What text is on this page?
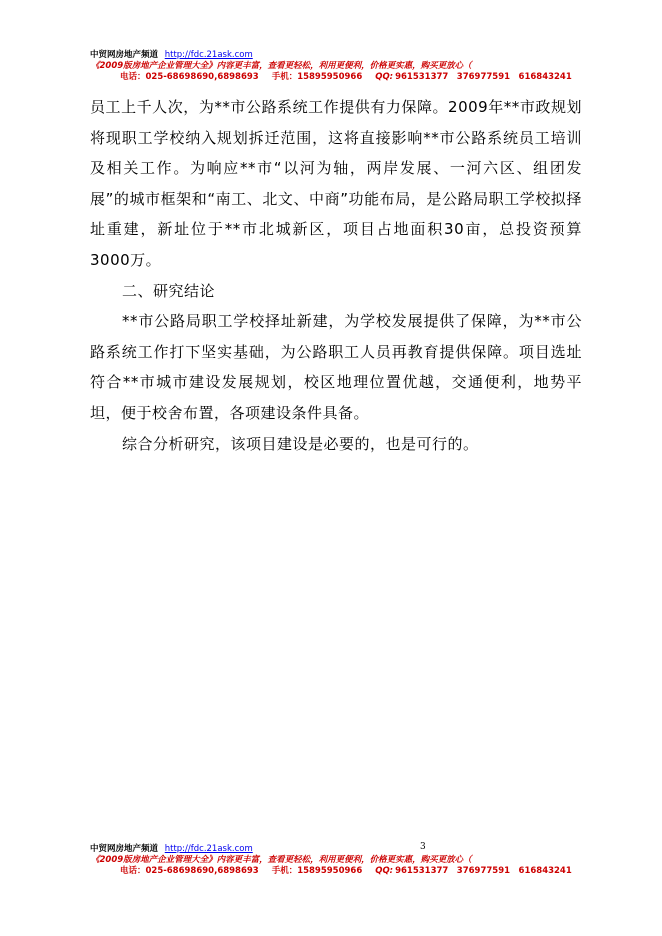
中贸网房地产频道 http://fdc.21ask.com
《2009版房地产企业管理大全》内容更丰富，查看更轻松，利用更便利，价格更实惠，购买更放心（
电话：025-68698690,6898693 手机：15895950966 QQ: 961531377　376977591　616843241

员工上千人次，为**市公路系统工作提供有力保障。2009年**市政规划将现职工学校纳入规划拆迁范围，这将直接影响**市公路系统员工培训及相关工作。为响应**市“以河为轴，两岸发展、一河六区、组团发展”的城市框架和“南工、北文、中商”功能布局，是公路局职工学校拟择址重建，新址位于**市北城新区，项目占地面积30亩，总投资预算3000万。

二、研究结论

**市公路局职工学校择址新建，为学校发展提供了保障，为**市公路系统工作打下坚实基础，为公路职工人员再教育提供保障。项目选址符合**市城市建设发展规划，校区地理位置优越，交通便利，地势平坦，便于校舍布置，各项建设条件具备。

综合分析研究，该项目建设是必要的，也是可行的。

中贸网房地产频道 http://fdc.21ask.com	3
《2009版房地产企业管理大全》内容更丰富，查看更轻松，利用更便利，价格更实惠，购买更放心（
电话：025-68698690,6898693 手机：15895950966 QQ: 961531377　376977591　616843241
